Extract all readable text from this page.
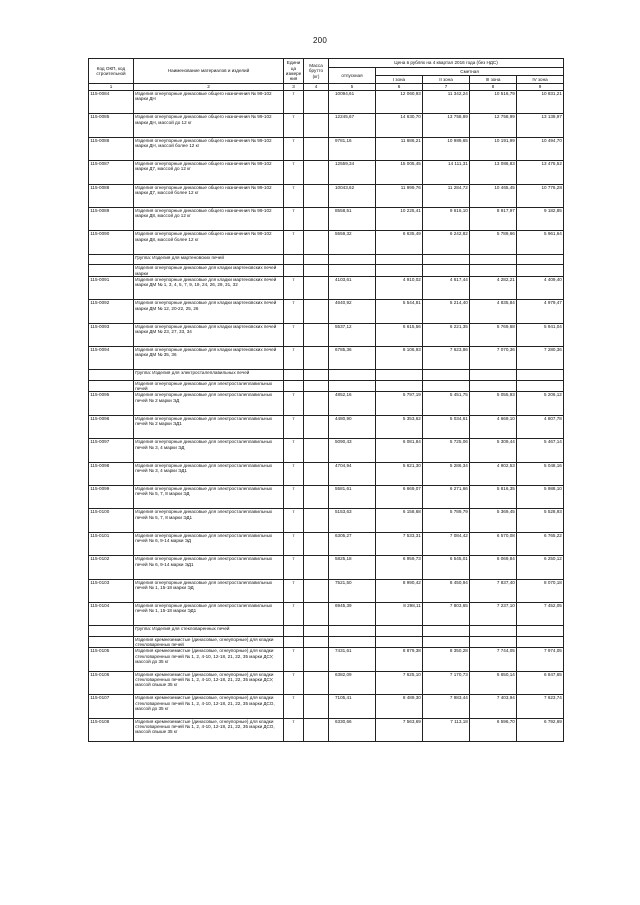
200
Код ОКП, код строительной	Наименование материалов и изделий	Едини ца измере ния	Масса брутто (кг)	Цена в рублях на 4 квартал 2016 года (без НДС)				
				отпускная	Сметная			
					I зона	II зона	III зона	IV зона
1	2	3	4	5	6	7	8	9
115-0084	Изделия огнеупорные динасовые общего назначения № 99-102 марки ДН	т		10094,61	12 060,93	11 342,24	10 516,79	10 831,21
115-0085	Изделия огнеупорные динасовые общего назначения № 99-102 марки ДН, массой до 12 кг	т		12245,67	14 630,70	13 758,89	12 758,99	13 138,97
115-0086	Изделия огнеупорные динасовые общего назначения № 99-102 марки ДН, массой более 12 кг	т		9781,16	11 686,21	10 989,65	10 191,99	10 494,70
115-0087	Изделия огнеупорные динасовые общего назначения № 99-102 марки Д7, массой до 12 кг	т		12559,34	15 005,45	14 111,31	13 086,83	13 475,52
115-0088	Изделия огнеупорные динасовые общего назначения № 99-102 марки Д7, массой более 12 кг	т		10043,62	11 999,76	11 284,72	10 465,45	10 776,28
115-0089	Изделия огнеупорные динасовые общего назначения № 99-102 марки Д8, массой до 12 кг	т		8558,51	10 225,41	9 616,10	8 917,97	9 182,85
115-0090	Изделия огнеупорные динасовые общего назначения № 99-102 марки Д8, массой более 12 кг	т		5559,32	6 635,49	6 242,82	5 789,66	5 961,64
	Группа: Изделия для мартеновских печей							
	Изделия огнеупорные динасовые для кладки мартеновских печей марки							
115-0091	Изделия огнеупорные динасовые для кладки мартеновских печей марки ДМ № 1, 3, 4, 5, 7, 9, 19, 24, 26, 29, 31, 32	т		4103,61	4 910,02	4 617,44	4 282,21	4 409,40
115-0092	Изделия огнеупорные динасовые для кладки мартеновских печей марки ДМ № 12, 20-22, 25, 26	т		4640,92	5 544,81	5 214,40	4 835,84	4 979,47
115-0093	Изделия огнеупорные динасовые для кладки мартеновских печей марки ДМ № 23, 27, 33, 34	т		5537,12	6 615,56	6 221,35	5 769,68	5 941,04
115-0094	Изделия огнеупорные динасовые для кладки мартеновских печей марки ДМ № 35, 36	т		6785,36	8 106,93	7 623,86	7 070,36	7 280,36
	Группа: Изделия для электросталеплавильных печей							
	Изделия огнеупорные динасовые для электросталеплавильных печей							
115-0095	Изделия огнеупорные динасовые для электросталеплавильных печей № 2 марки ЭД	т		4852,16	5 797,19	5 451,75	5 055,93	5 206,12
115-0096	Изделия огнеупорные динасовые для электросталеплавильных печей № 2 марки ЭД1	т		4480,90	5 353,62	5 034,61	4 669,10	4 807,78
115-0097	Изделия огнеупорные динасовые для электросталеплавильных печей № 3, 4 марки ЭД	т		5090,43	6 081,84	5 725,06	5 309,44	5 467,14
115-0098	Изделия огнеупорные динасовые для электросталеплавильных печей № 3, 4 марки ЭД1	т		4704,94	5 621,30	5 286,34	4 902,53	5 048,16
115-0099	Изделия огнеупорные динасовые для электросталеплавильных печей № 5, 7, 8 марки ЭД	т		5581,61	6 669,07	6 271,66	5 816,35	5 988,10
115-0100	Изделия огнеупорные динасовые для электросталеплавильных печей № 5, 7, 8 марки ЭД1	т		5153,63	6 158,68	5 789,79	5 369,45	5 528,93
115-0101	Изделия огнеупорные динасовые для электросталеплавильных печей № 6, 9-14 марки ЭД	т		6305,27	7 533,31	7 084,42	6 570,08	6 765,22
115-0102	Изделия огнеупорные динасовые для электросталеплавильных печей № 6, 9-14 марки ЭД1	т		5825,18	6 959,73	6 545,01	6 069,84	6 250,12
115-0103	Изделия огнеупорные динасовые для электросталеплавильных печей № 1, 15-18 марки ЭД	т		7521,50	8 990,42	8 450,94	7 837,40	8 070,18
115-0104	Изделия огнеупорные динасовые для электросталеплавильных печей № 1, 15-18 марки ЭД1	т		6945,39	8 298,11	7 803,65	7 237,10	7 452,05
	Группа: Изделия для стекловаренных печей							
	Изделия кремнеземистые (динасовые, огнеупорные) для кладки стекловаренных печей							
115-0105	Изделия кремнеземистые (динасовые, огнеупорные) для кладки стекловаренных печей № 1, 2, 4-10, 12-18, 21, 22, 35 марки ДСУ, массой до 35 кг	т		7431,61	8 879,38	8 350,28	7 744,05	7 974,05
115-0106	Изделия кремнеземистые (динасовые, огнеупорные) для кладки стекловаренных печей № 1, 2, 4-10, 12-18, 21, 22, 35 марки ДСУ, массой свыше 35 кг	т		6382,09	7 625,10	7 170,73	6 650,14	6 847,65
115-0107	Изделия кремнеземистые (динасовые, огнеупорные) для кладки стекловаренных печей № 1, 2, 4-10, 12-18, 21, 22, 35 марки ДСО, массой до 35 кг	т		7105,41	8 489,30	7 983,44	7 403,94	7 623,74
115-0108	Изделия кремнеземистые (динасовые, огнеупорные) для кладки стекловаренных печей № 1, 2, 4-10, 12-18, 21, 22, 35 марки ДСО, массой свыше 35 кг	т		6330,66	7 563,69	7 113,18	6 596,70	6 792,69
